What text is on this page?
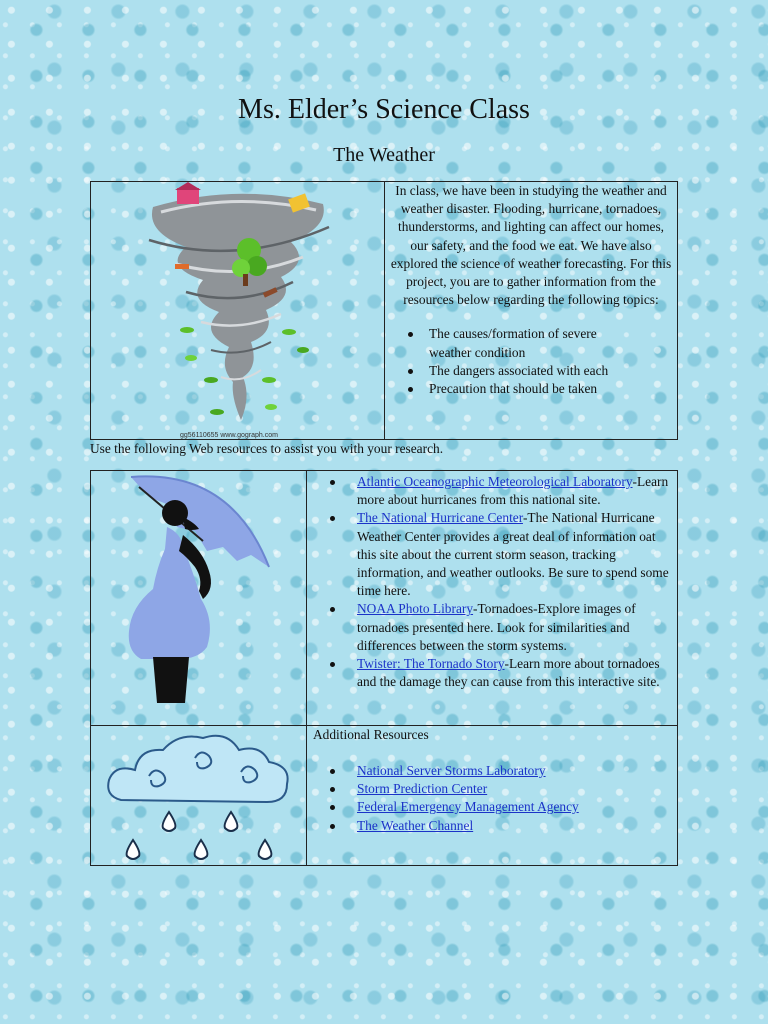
Ms. Elder’s Science Class
The Weather
gg56110655 www.gograph.com
In class, we have been in studying the weather and weather disaster. Flooding, hurricane, tornadoes, thunderstorms, and lighting can affect our homes, our safety, and the food we eat. We have also explored the science of weather forecasting. For this project, you are to gather information from the resources below regarding the following topics:
The causes/formation of severe weather condition
The dangers associated with each
Precaution that should be taken
Use the following Web resources to assist you with your research.
Atlantic Oceanographic Meteorological Laboratory-Learn more about hurricanes from this national site.
The National Hurricane Center-The National Hurricane Weather Center provides a great deal of information oat this site about the current storm season, tracking information, and weather outlooks. Be sure to spend some time here.
NOAA Photo Library-Tornadoes-Explore images of tornadoes presented here. Look for similarities and differences between the storm systems.
Twister: The Tornado Story-Learn more about tornadoes and the damage they can cause from this interactive site.
Additional Resources
National Server Storms Laboratory
Storm Prediction Center
Federal Emergency Management Agency
The Weather Channel
